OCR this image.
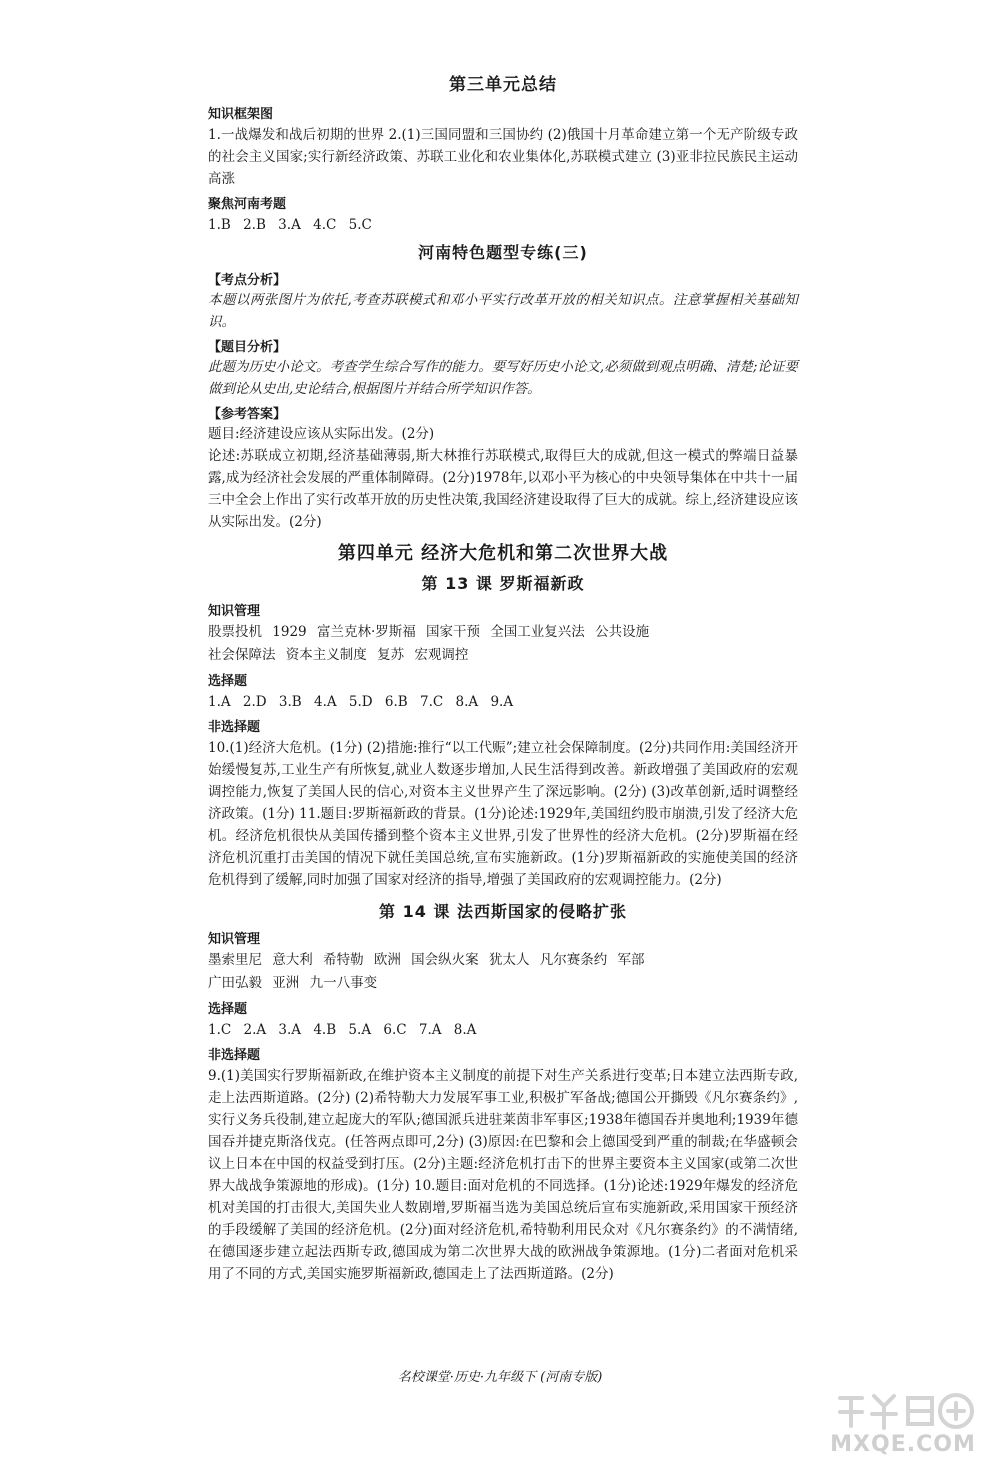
第三单元总结
知识框架图

1.一战爆发和战后初期的世界 2.(1)三国同盟和三国协约 (2)俄国十月革命建立第一个无产阶级专政的社会主义国家;实行新经济政策、苏联工业化和农业集体化,苏联模式建立 (3)亚非拉民族民主运动高涨

聚焦河南考题

1.B 2.B 3.A 4.C 5.C

河南特色题型专练(三)
【考点分析】

本题以两张图片为依托,考查苏联模式和邓小平实行改革开放的相关知识点。注意掌握相关基础知识。

【题目分析】

此题为历史小论文。考查学生综合写作的能力。要写好历史小论文,必须做到观点明确、清楚;论证要做到论从史出,史论结合,根据图片并结合所学知识作答。

【参考答案】

题目:经济建设应该从实际出发。(2分)

论述:苏联成立初期,经济基础薄弱,斯大林推行苏联模式,取得巨大的成就,但这一模式的弊端日益暴露,成为经济社会发展的严重体制障碍。(2分)1978年,以邓小平为核心的中央领导集体在中共十一届三中全会上作出了实行改革开放的历史性决策,我国经济建设取得了巨大的成就。综上,经济建设应该从实际出发。(2分)

第四单元 经济大危机和第二次世界大战
第 13 课 罗斯福新政
知识管理
股票投机 1929 富兰克林·罗斯福 国家干预 全国工业复兴法 公共设施
社会保障法 资本主义制度 复苏 宏观调控
选择题

1.A 2.D 3.B 4.A 5.D 6.B 7.C 8.A 9.A

非选择题

10.(1)经济大危机。(1分) (2)措施:推行“以工代赈”;建立社会保障制度。(2分)共同作用:美国经济开始缓慢复苏,工业生产有所恢复,就业人数逐步增加,人民生活得到改善。新政增强了美国政府的宏观调控能力,恢复了美国人民的信心,对资本主义世界产生了深远影响。(2分) (3)改革创新,适时调整经济政策。(1分) 11.题目:罗斯福新政的背景。(1分)论述:1929年,美国纽约股市崩溃,引发了经济大危机。经济危机很快从美国传播到整个资本主义世界,引发了世界性的经济大危机。(2分)罗斯福在经济危机沉重打击美国的情况下就任美国总统,宣布实施新政。(1分)罗斯福新政的实施使美国的经济危机得到了缓解,同时加强了国家对经济的指导,增强了美国政府的宏观调控能力。(2分)

第 14 课 法西斯国家的侵略扩张
知识管理
墨索里尼 意大利 希特勒 欧洲 国会纵火案 犹太人 凡尔赛条约 军部
广田弘毅 亚洲 九一八事变
选择题

1.C 2.A 3.A 4.B 5.A 6.C 7.A 8.A

非选择题

9.(1)美国实行罗斯福新政,在维护资本主义制度的前提下对生产关系进行变革;日本建立法西斯专政,走上法西斯道路。(2分) (2)希特勒大力发展军事工业,积极扩军备战;德国公开撕毁《凡尔赛条约》,实行义务兵役制,建立起庞大的军队;德国派兵进驻莱茵非军事区;1938年德国吞并奥地利;1939年德国吞并捷克斯洛伐克。(任答两点即可,2分) (3)原因:在巴黎和会上德国受到严重的制裁;在华盛顿会议上日本在中国的权益受到打压。(2分)主题:经济危机打击下的世界主要资本主义国家(或第二次世界大战战争策源地的形成)。(1分) 10.题目:面对危机的不同选择。(1分)论述:1929年爆发的经济危机对美国的打击很大,美国失业人数剧增,罗斯福当选为美国总统后宣布实施新政,采用国家干预经济的手段缓解了美国的经济危机。(2分)面对经济危机,希特勒利用民众对《凡尔赛条约》的不满情绪,在德国逐步建立起法西斯专政,德国成为第二次世界大战的欧洲战争策源地。(1分)二者面对危机采用了不同的方式,美国实施罗斯福新政,德国走上了法西斯道路。(2分)

名校课堂·历史·九年级下 (河南专版)
MXQE.COM
